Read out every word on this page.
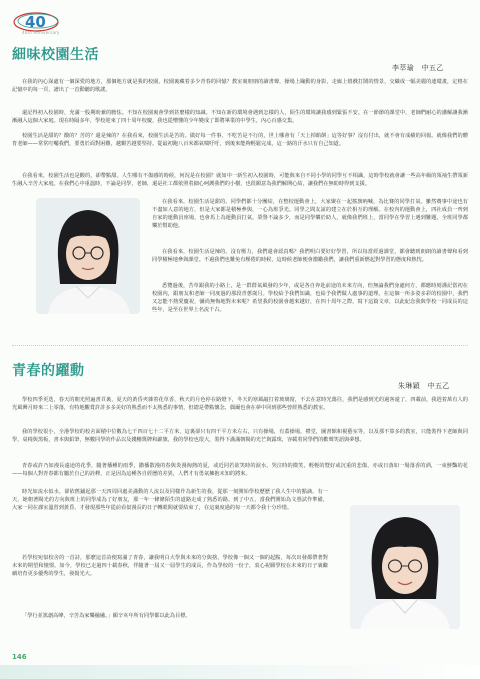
40
40th Anniversary
細味校園生活
李萃瑜　中五乙
在我的內心深處有一個深愛的地方，那個地方就是我的校園。校園裏藏着多少青春的回憶？教室裏朋朋的讀書聲，操場上蹦動的身影，走廊上嬉戲打鬧的情景，交織成一幅美麗的連環畫，定格在記憶中的每一頁，譜出了一首動聽的歌謠。
還記得初入校園時，充滿一股期盼兼的膽怯。不知在校園裏會學到甚麼樣的知識。不知在新的環境會遇到怎樣的人，陌生的環境讓我感到緊張不安。在一節節的課堂中，老師們耐心的講解讓我漸漸融入這個大家庭。現在時隔多年，學校迎來了四十周年校慶，我也從懵懂的少年變成了即將畢業的中學生，內心百感交集。
校園生活是甜的？酸的？苦的？還是辣的？在我看來，校園生活是苦的。做好每一件事，不吃苦是不行的，世上哪會有「天上掉餡餅」這等好事？沒有付出，就不會有成績的回報。就像我們的體育老師——常常叮囑我們，要勇於面對困難，越艱苦越要堅持。從最初跑八百米都氣喘吁吁，到後來能夠輕鬆完成，這一路的汗水只有自己知道。
在我看來，校園生活也是酸的，卻帶點甜。人生哪有不傷感的時候，何況是在校園？就如中一新生初入校園時，可能與來自不同小學的同學互不相識，這時學校就會讓一些高年級的領袖生帶領新生融入辛苦大家庭。在我們心中重溫時，不論是同學，老師，還是社工都依照着細心呵護我們的小樹，也很願意為我們解開心結，讓我們在無助時得到支援。
在我看來，校園生活是甜的。同學們都十分團結，在整校運動會上，大家聚在一起搖旗吶喊，為比賽的同學打氣。雖然賽事中途也有不盡如人意的地方，但是大家都是積極參與，一心為班爭光。同學之間友誼的建立在於相互的理解。在校內的運動會上，四社成員一齊到自家的運動員座場，也會馬上為運動員打氣。榮譽不論多少，而是同學樂於助人，就像我們班上，當同學在學習上遇到難題，全班同學都樂於幫助他。
在我看來，校園生活是辣的。沒有壓力，我們還會認真嗎？我們明白要好好學習，所以每當經過課堂，都會聽到朗朗的讀書聲和看到同學積極地參與課堂。不過我們也難免有壓倦的時候，這時候老師便會激勵我們，讓我們重新燃起對學習的態度和熱忱。
悉覽過後，苦草跟我的小路上，是一群群氣風發的少年，或是各自奔赴前途的未來方向，但無論我們身處何方，都應時刻謹記當初在校園內，跟朋友和老師一同度過的那段青蔥歲月。學校給予我們知識，也給予我們做人處事的道理。在這個一所多姿多彩的校園中，我們又怎能不熱愛慶祝，彌尚無悔地對未來呢？希望我的校園會越來越好，在四十周年之際，寫下這篇文章，以此紀念我與學校一同成長的這些年，是至在世界上名流千古。
青春的躍動
朱琳穎　中五乙
學校四季更迭，春天的朝光照遍書頁裏，夏天的黃昏夾雜着花草香，秋天的月色停在路燈下，冬天的寒風敲打着玻璃窗，不去在意時光蕩往，我們是感到光的過客還了，四載前，我趕着萬有人的光風霽月時來二上零落，有特地觀賞許許多多美好的熟悉而不太熟悉的事情，但總是帶點懷念，偶爾也會在夢中回到那些曾經熟悉的教室。
我的學校很小，全港學校的校舍面積中位數為七千四百七十二平方米，這裏卻只有四千平方米左右，只有操場，有蓋操場，禮堂，圖書館和視藝室等，以及那不算多的教室，只能裝得下老師與同學，桌椅與黑板，書本與鉛筆，無數同學的作品以及錢穗獎牌和錦旗，我的學校也很大，裝得下滿滿朝陽的光芒與露珠，容載着同學們的歡聲笑語與夢想。
青春或許乃如漫長遠途的花季，隨著播種的雨季，撒播散漫的春與炎漫淘熱的夏，或近同若欲笑時的淚水，哭泣時的微笑，輕輕的暨好或沉重的悲傷，亦或日落如一場落香的酒，一束鮮豔的花——每個人對青春都有屬於自己的詮釋，正是因為這種各自經歷的差異，人們才有勇氣擁抱未知的將來。
時光如流水似水，卻依舊鋪起那一天四周回處美滿動的人流以及同樣作為新生的我，從那一刻開始學校歷歷了我人生中的點滴。有一天，她朝著陽光的方向與班上的同學成為了好朋友，那一年一條條陌生的道路走成了熟悉的路。到了中五，當我們開始為文憑試作準備，大家一同在課室溫習到黃昏，才發現那些年從前看似漫長的日子轉眼間就要結束了，在這裏度過的每一天都令我十分珍惜。
若學校宛似校舍的一首詩，那麼這首詩便寫滿了青春，讓我明白大學與未來的分與捨，學校像一個又一個的起點，每次出發都帶著對未來的期望和憧憬。如今，學校已走過四十載春秋，伴隨著一屆又一屆學生的成長，作為學校的一份子，衷心祝願學校在未來的日子裏繼續培育更多優秀的學生，發揚光大。
「學行並篤創高峰，辛苦為家樂融融。」願辛亥年所有同學都以此為目標。
146
